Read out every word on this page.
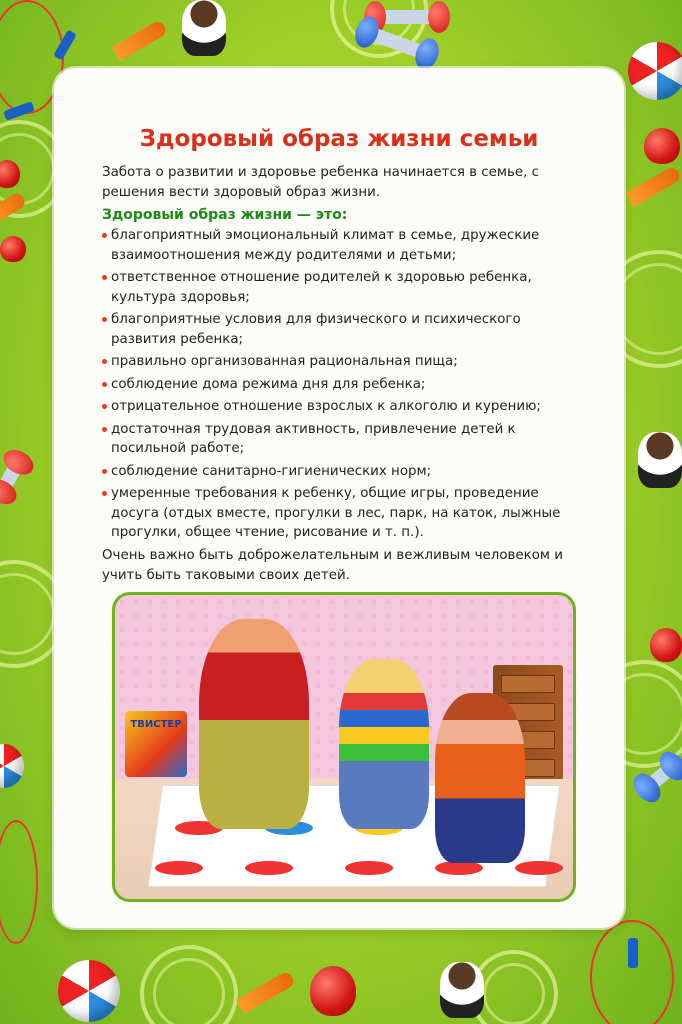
Здоровый образ жизни семьи
Забота о развитии и здоровье ребенка начинается в семье, с решения вести здоровый образ жизни.
Здоровый образ жизни — это:
благоприятный эмоциональный климат в семье, дружеские взаимоотношения между родителями и детьми;
ответственное отношение родителей к здоровью ребенка, культура здоровья;
благоприятные условия для физического и психического развития ребенка;
правильно организованная рациональная пища;
соблюдение дома режима дня для ребенка;
отрицательное отношение взрослых к алкоголю и курению;
достаточная трудовая активность, привлечение детей к посильной работе;
соблюдение санитарно-гигиенических норм;
умеренные требования к ребенку, общие игры, проведение досуга (отдых вместе, прогулки в лес, парк, на каток, лыжные прогулки, общее чтение, рисование и т. п.).
Очень важно быть доброжелательным и вежливым человеком и учить быть таковыми своих детей.
ТВИСТЕР
